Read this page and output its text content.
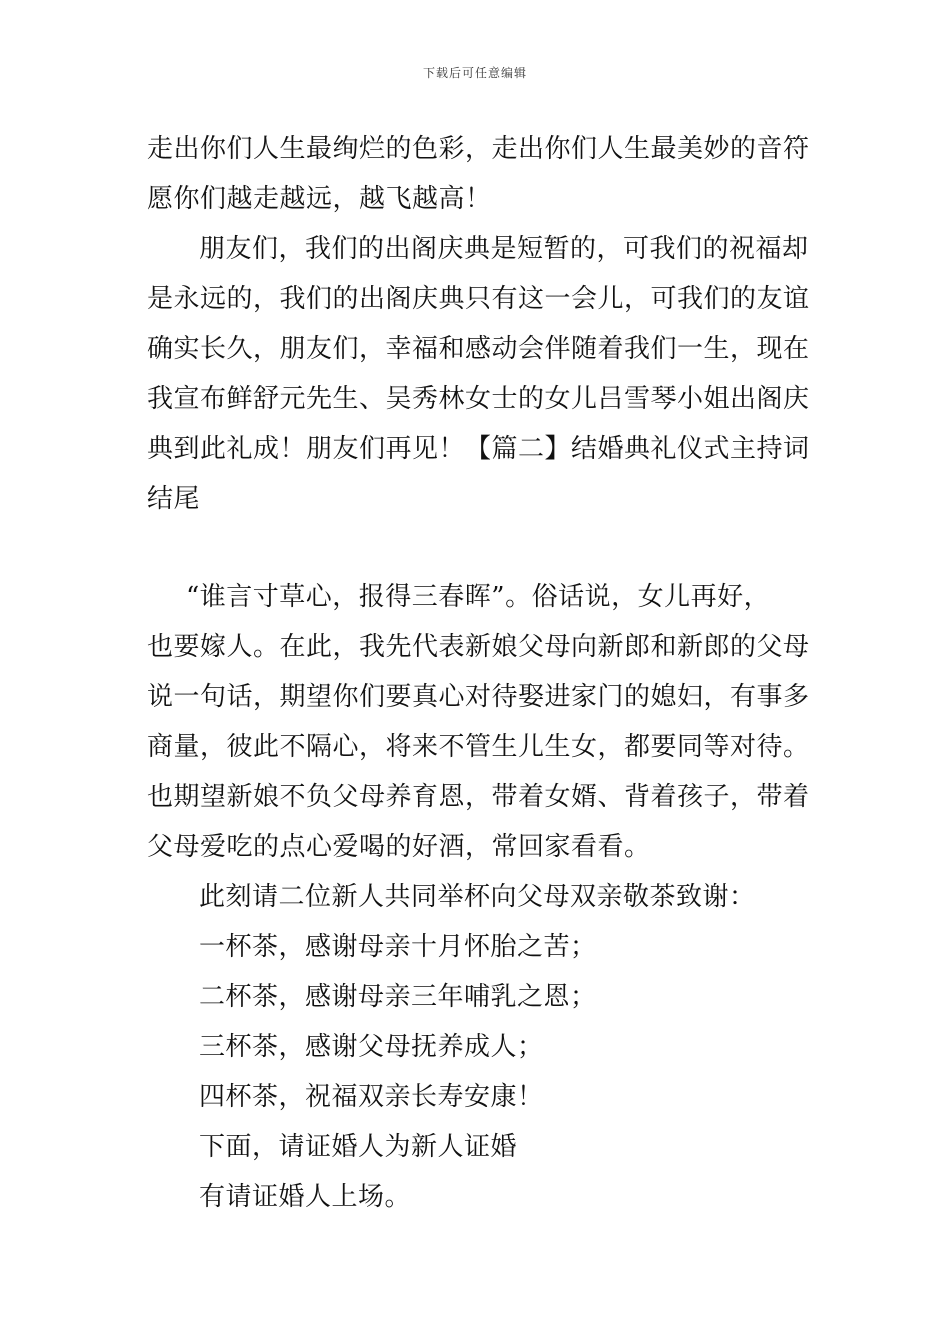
下载后可任意编辑

走出你们人生最绚烂的色彩，走出你们人生最美妙的音符

愿你们越走越远，越飞越高！

朋友们，我们的出阁庆典是短暂的，可我们的祝福却

是永远的，我们的出阁庆典只有这一会儿，可我们的友谊

确实长久，朋友们，幸福和感动会伴随着我们一生，现在

我宣布鲜舒元先生、吴秀林女士的女儿吕雪琴小姐出阁庆

典到此礼成！朋友们再见！【篇二】结婚典礼仪式主持词

结尾

“谁言寸草心，报得三春晖”。俗话说，女儿再好，

也要嫁人。在此，我先代表新娘父母向新郎和新郎的父母

说一句话，期望你们要真心对待娶进家门的媳妇，有事多

商量，彼此不隔心，将来不管生儿生女，都要同等对待。

也期望新娘不负父母养育恩，带着女婿、背着孩子，带着

父母爱吃的点心爱喝的好酒，常回家看看。

此刻请二位新人共同举杯向父母双亲敬茶致谢：

一杯茶，感谢母亲十月怀胎之苦；

二杯茶，感谢母亲三年哺乳之恩；

三杯茶，感谢父母抚养成人；

四杯茶，祝福双亲长寿安康！

下面，请证婚人为新人证婚

有请证婚人上场。
